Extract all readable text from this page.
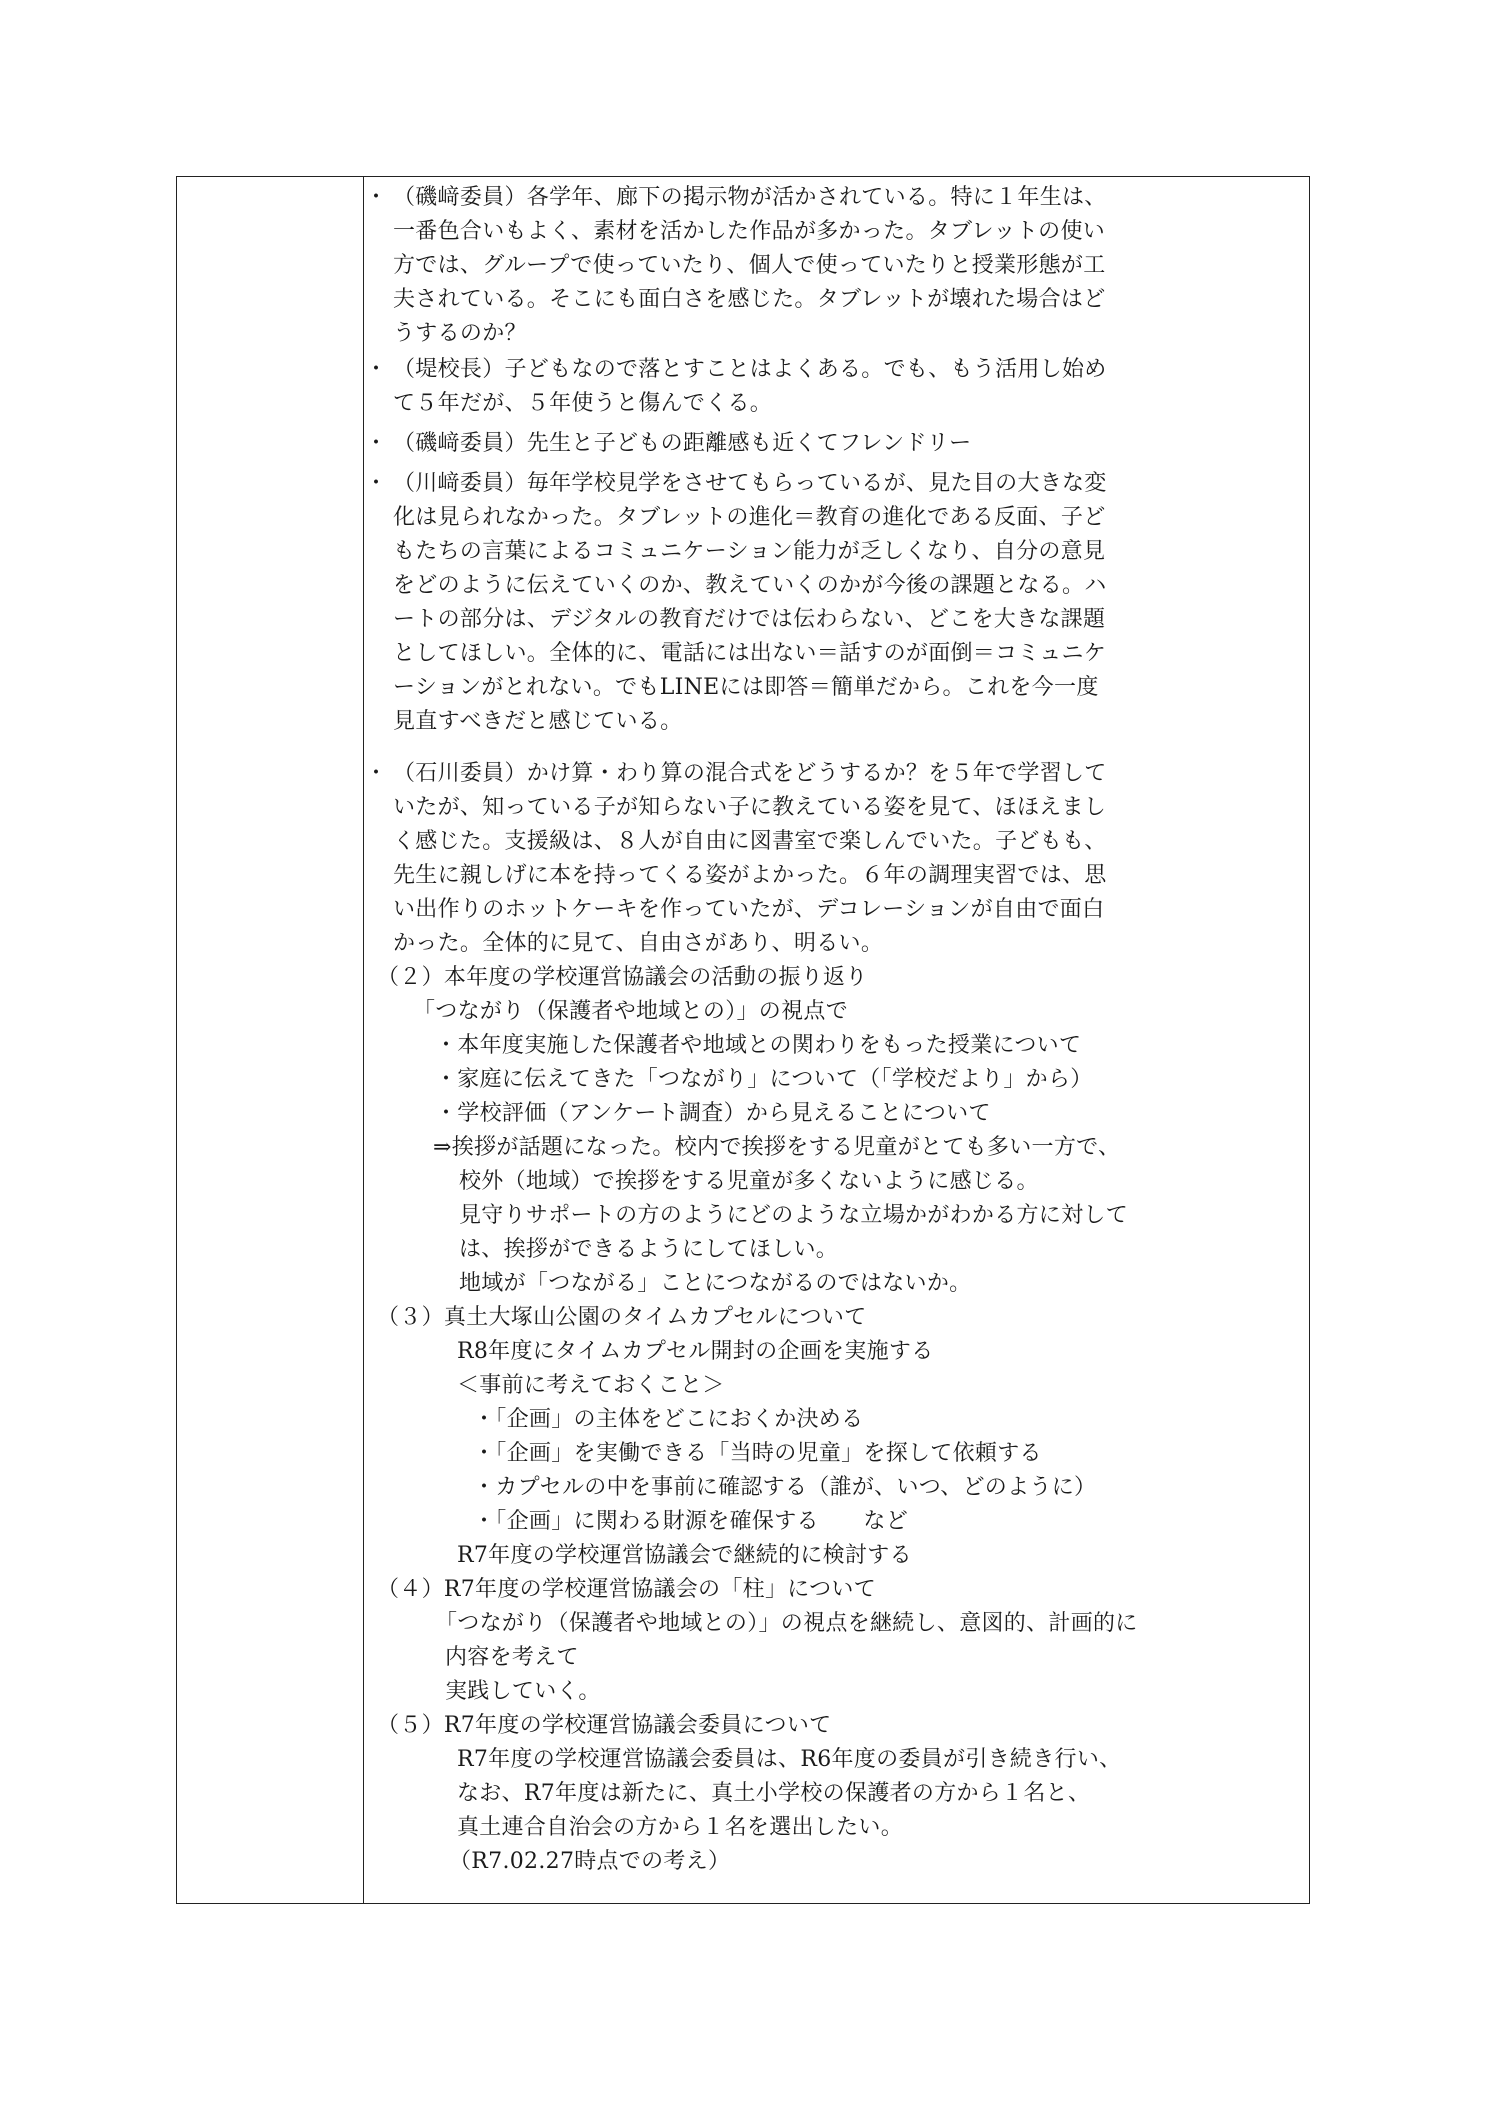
・ （磯﨑委員）各学年、廊下の掲示物が活かされている。特に１年生は、
一番色合いもよく、素材を活かした作品が多かった。タブレットの使い
方では、グループで使っていたり、個人で使っていたりと授業形態が工
夫されている。そこにも面白さを感じた。タブレットが壊れた場合はど
うするのか？
・ （堤校長）子どもなので落とすことはよくある。でも、もう活用し始め
て５年だが、５年使うと傷んでくる。
・ （磯﨑委員）先生と子どもの距離感も近くてフレンドリー
・ （川﨑委員）毎年学校見学をさせてもらっているが、見た目の大きな変
化は見られなかった。タブレットの進化＝教育の進化である反面、子ど
もたちの言葉によるコミュニケーション能力が乏しくなり、自分の意見
をどのように伝えていくのか、教えていくのかが今後の課題となる。ハ
ートの部分は、デジタルの教育だけでは伝わらない、どこを大きな課題
としてほしい。全体的に、電話には出ない＝話すのが面倒＝コミュニケ
ーションがとれない。でもLINEには即答＝簡単だから。これを今一度
見直すべきだと感じている。
・ （石川委員）かけ算・わり算の混合式をどうするか？を５年で学習して
いたが、知っている子が知らない子に教えている姿を見て、ほほえまし
く感じた。支援級は、８人が自由に図書室で楽しんでいた。子どもも、
先生に親しげに本を持ってくる姿がよかった。６年の調理実習では、思
い出作りのホットケーキを作っていたが、デコレーションが自由で面白
かった。全体的に見て、自由さがあり、明るい。
（２）本年度の学校運営協議会の活動の振り返り
「つながり（保護者や地域との）」の視点で
・本年度実施した保護者や地域との関わりをもった授業について
・家庭に伝えてきた「つながり」について（「学校だより」から）
・学校評価（アンケート調査）から見えることについて
⇒挨拶が話題になった。校内で挨拶をする児童がとても多い一方で、
校外（地域）で挨拶をする児童が多くないように感じる。
見守りサポートの方のようにどのような立場かがわかる方に対して
は、挨拶ができるようにしてほしい。
地域が「つながる」ことにつながるのではないか。
（３）真土大塚山公園のタイムカプセルについて
R8年度にタイムカプセル開封の企画を実施する
＜事前に考えておくこと＞
・「企画」の主体をどこにおくか決める
・「企画」を実働できる「当時の児童」を探して依頼する
・カプセルの中を事前に確認する（誰が、いつ、どのように）
・「企画」に関わる財源を確保する　　など
R7年度の学校運営協議会で継続的に検討する
（４）R7年度の学校運営協議会の「柱」について
「つながり（保護者や地域との）」の視点を継続し、意図的、計画的に
内容を考えて
実践していく。
（５）R7年度の学校運営協議会委員について
R7年度の学校運営協議会委員は、R6年度の委員が引き続き行い、
なお、R7年度は新たに、真土小学校の保護者の方から１名と、
真土連合自治会の方から１名を選出したい。
（R7.02.27時点での考え）
